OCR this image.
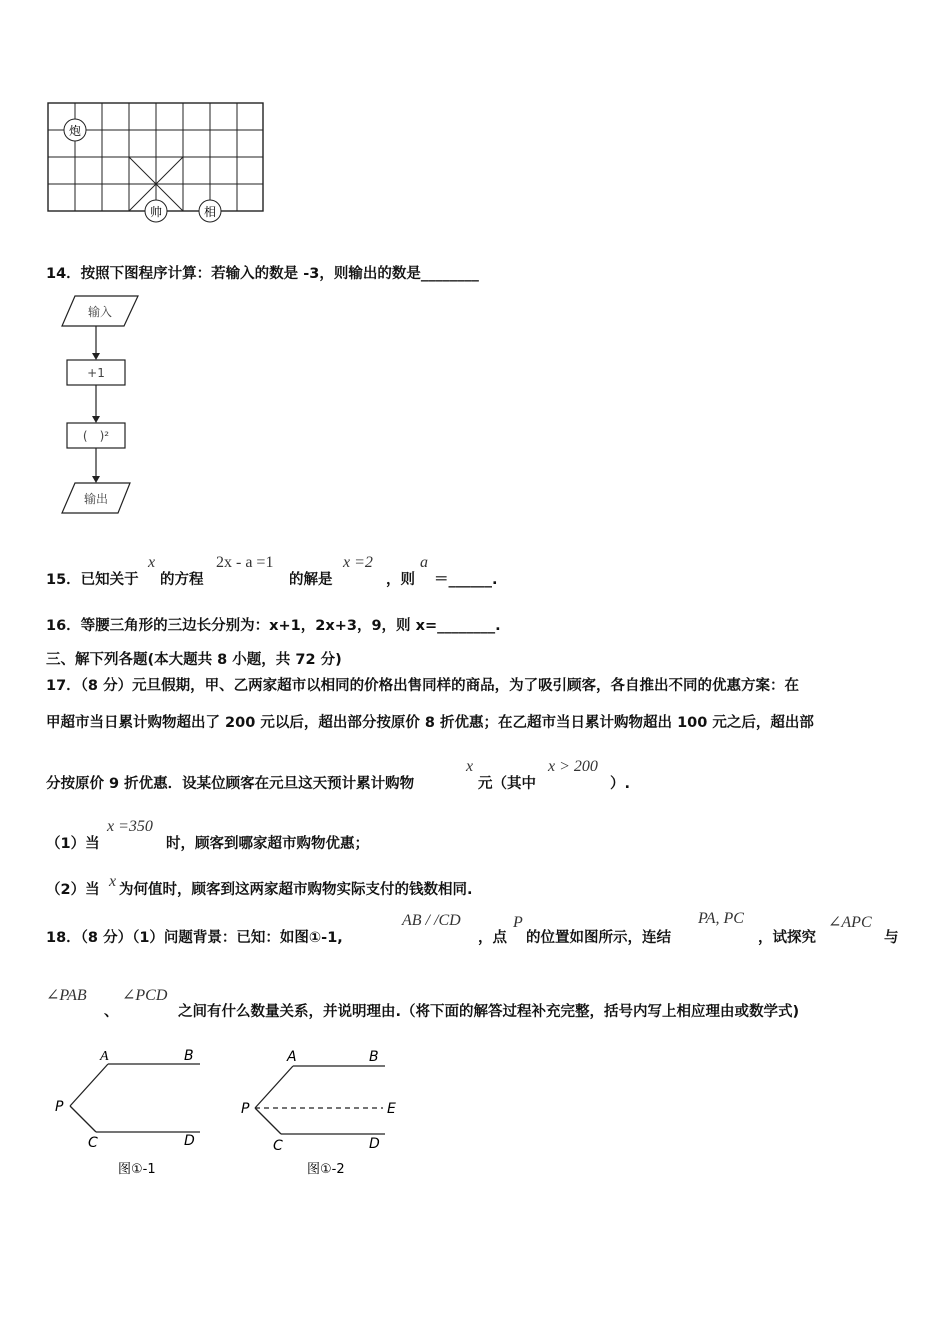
炮
帅	相
14．按照下图程序计算：若输入的数是 -3，则输出的数是________
输入
+1
(　)²
输出
15．已知关于
x
的方程
2x - a =1
的解是
x =2
，则
a
＝______.
16．等腰三角形的三边长分别为：x+1，2x+3，9，则 x=________.
三、解下列各题(本大题共 8 小题，共 72 分)
17．（8 分）元旦假期，甲、乙两家超市以相同的价格出售同样的商品，为了吸引顾客，各自推出不同的优惠方案：在
甲超市当日累计购物超出了 200 元以后，超出部分按原价 8 折优惠；在乙超市当日累计购物超出 100 元之后，超出部
分按原价 9 折优惠．设某位顾客在元旦这天预计累计购物
x
元（其中
x > 200
）.
（1）当
x =350
时，顾客到哪家超市购物优惠；
（2）当 x 为何值时，顾客到这两家超市购物实际支付的钱数相同.
18．（8 分）（1）问题背景：已知：如图①-1,
AB / /CD
，点
P
的位置如图所示，连结
PA, PC
，试探究
∠APC
与
∠PAB
、
∠PCD
之间有什么数量关系，并说明理由.（将下面的解答过程补充完整，括号内写上相应理由或数学式)
A	B
P
C	D
图①-1
A	B
P	E
C	D
图①-2
